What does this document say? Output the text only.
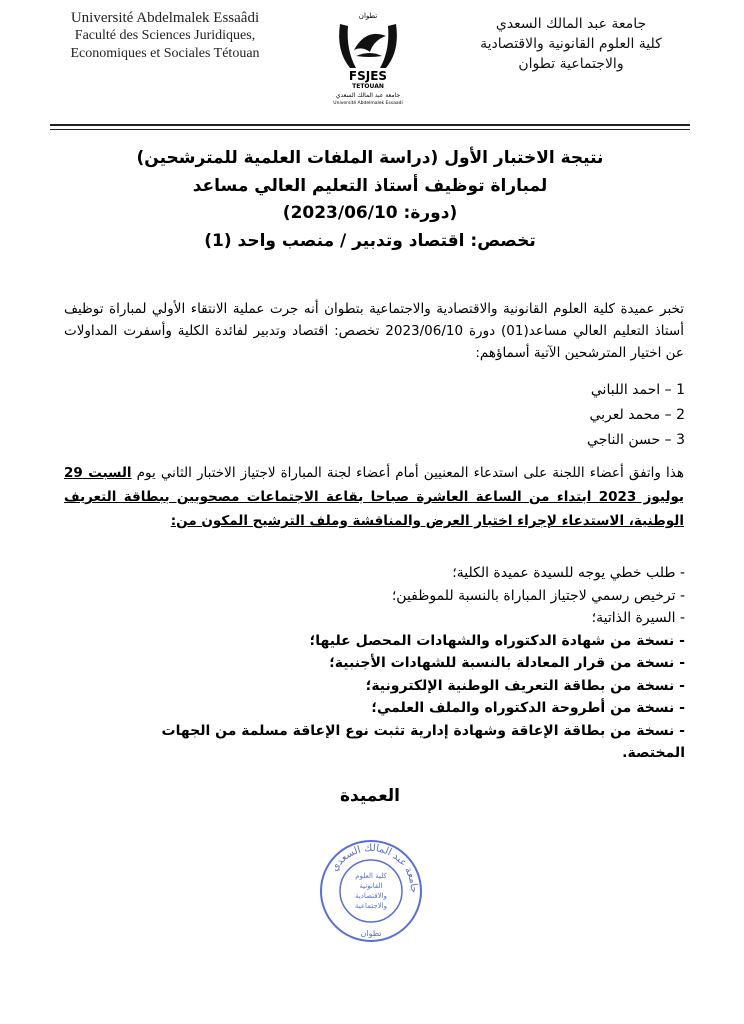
Université Abdelmalek Essaâdi
Faculté des Sciences Juridiques,
Economiques et Sociales Tétouan
تطوان
FSJES
TETOUAN
جامعة عبد المالك السعدي
Université Abdelmalek Essaadi
جامعة عبد المالك السعدي
كلية العلوم القانونية والاقتصادية
والاجتماعية تطوان
نتيجة الاختبار الأول (دراسة الملفات العلمية للمترشحين)
لمباراة توظيف أستاذ التعليم العالي مساعد
(دورة: 2023/06/10)
تخصص: اقتصاد وتدبير / منصب واحد (1)
تخبر عميدة كلية العلوم القانونية والاقتصادية والاجتماعية بتطوان أنه جرت عملية الانتقاء الأولي لمباراة توظيف أستاذ التعليم العالي مساعد(01) دورة 2023/06/10 تخصص: اقتصاد وتدبير لفائدة الكلية وأسفرت المداولات عن اختيار المترشحين الآتية أسماؤهم:
1 – احمد اللباني
2 – محمد لعربي
3 – حسن الناجي
هذا واتفق أعضاء اللجنة على استدعاء المعنيين أمام أعضاء لجنة المباراة لاجتياز الاختبار الثاني يوم السبت 29 يوليوز 2023 ابتداء من الساعة العاشرة صباحا بقاعة الاجتماعات مصحوبين ببطاقة التعريف الوطنية، الاستدعاء لإجراء اختبار العرض والمناقشة وملف الترشيح المكون من:
- طلب خطي يوجه للسيدة عميدة الكلية؛
- ترخيص رسمي لاجتياز المباراة بالنسبة للموظفين؛
- السيرة الذاتية؛
- نسخة من شهادة الدكتوراه والشهادات المحصل عليها؛
- نسخة من قرار المعادلة بالنسبة للشهادات الأجنبية؛
- نسخة من بطاقة التعريف الوطنية الإلكترونية؛
- نسخة من أطروحة الدكتوراه والملف العلمي؛
- نسخة من بطاقة الإعاقة وشهادة إدارية تثبت نوع الإعاقة مسلمة من الجهات المختصة.
العميدة
جامعة عبد المالك السعدي
كلية العلوم
القانونية
والاقتصادية
والاجتماعية
تطوان
